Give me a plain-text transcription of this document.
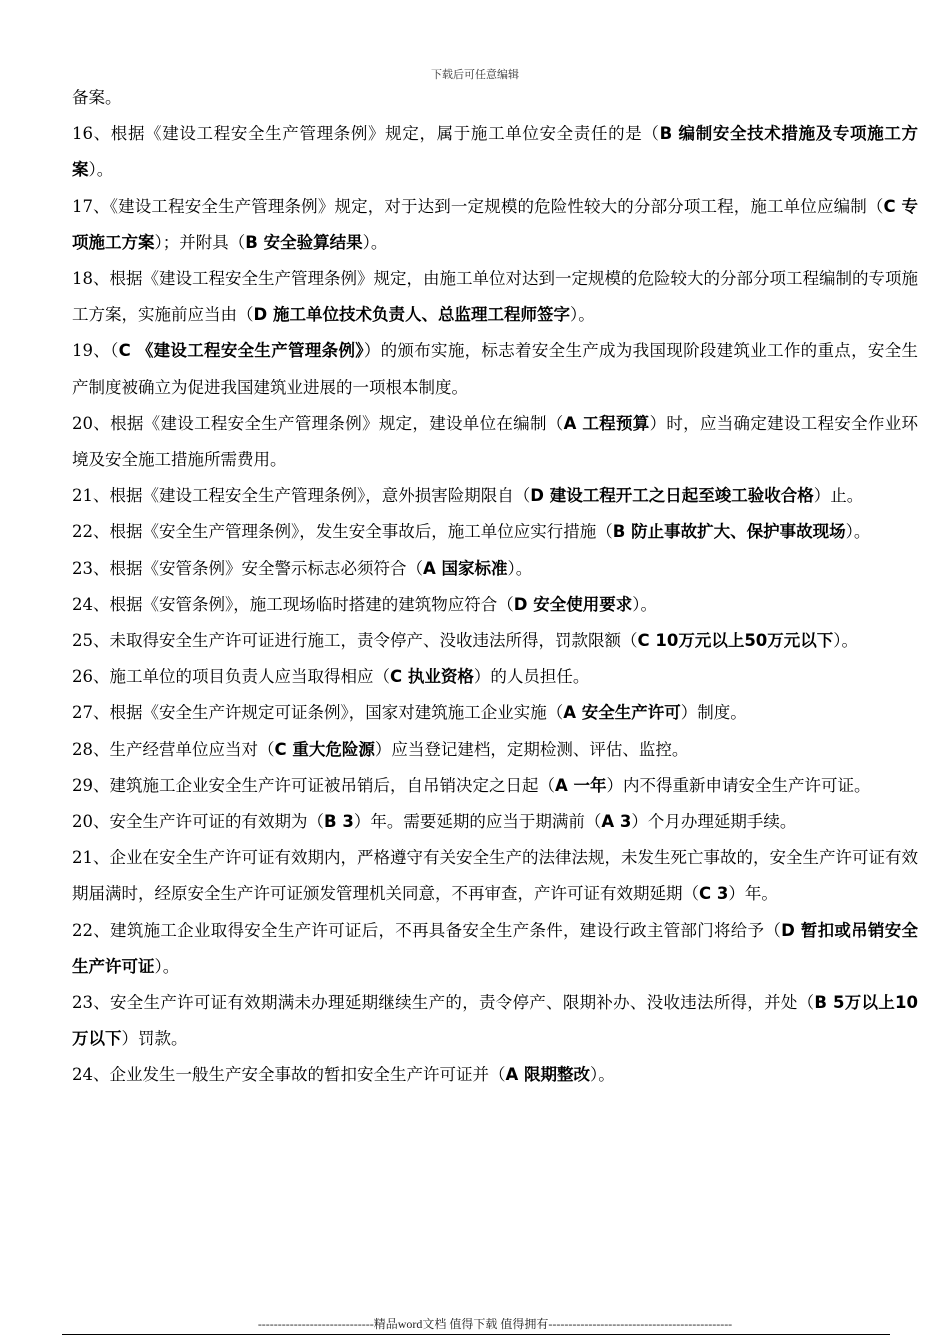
下载后可任意编辑

备案。

16、根据《建设工程安全生产管理条例》规定，属于施工单位安全责任的是（B 编制安全技术措施及专项施工方案）。

17、《建设工程安全生产管理条例》规定，对于达到一定规模的危险性较大的分部分项工程，施工单位应编制（C 专项施工方案）；并附具（B 安全验算结果）。

18、根据《建设工程安全生产管理条例》规定，由施工单位对达到一定规模的危险较大的分部分项工程编制的专项施工方案，实施前应当由（D 施工单位技术负责人、总监理工程师签字）。

19、（C 《建设工程安全生产管理条例》）的颁布实施，标志着安全生产成为我国现阶段建筑业工作的重点，安全生产制度被确立为促进我国建筑业进展的一项根本制度。

20、根据《建设工程安全生产管理条例》规定，建设单位在编制（A 工程预算）时，应当确定建设工程安全作业环境及安全施工措施所需费用。

21、根据《建设工程安全生产管理条例》，意外损害险期限自（D 建设工程开工之日起至竣工验收合格）止。

22、根据《安全生产管理条例》，发生安全事故后，施工单位应实行措施（B 防止事故扩大、保护事故现场）。

23、根据《安管条例》安全警示标志必须符合（A 国家标准）。

24、根据《安管条例》，施工现场临时搭建的建筑物应符合（D 安全使用要求）。

25、未取得安全生产许可证进行施工，责令停产、没收违法所得，罚款限额（C 10万元以上50万元以下）。

26、施工单位的项目负责人应当取得相应（C 执业资格）的人员担任。

27、根据《安全生产许规定可证条例》，国家对建筑施工企业实施（A 安全生产许可）制度。

28、生产经营单位应当对（C 重大危险源）应当登记建档，定期检测、评估、监控。

29、建筑施工企业安全生产许可证被吊销后，自吊销决定之日起（A 一年）内不得重新申请安全生产许可证。

20、安全生产许可证的有效期为（B 3）年。需要延期的应当于期满前（A 3）个月办理延期手续。

21、企业在安全生产许可证有效期内，严格遵守有关安全生产的法律法规，未发生死亡事故的，安全生产许可证有效期届满时，经原安全生产许可证颁发管理机关同意，不再审查，产许可证有效期延期（C 3）年。

22、建筑施工企业取得安全生产许可证后，不再具备安全生产条件，建设行政主管部门将给予（D 暂扣或吊销安全生产许可证）。

23、安全生产许可证有效期满未办理延期继续生产的，责令停产、限期补办、没收违法所得，并处（B 5万以上10万以下）罚款。

24、企业发生一般生产安全事故的暂扣安全生产许可证并（A 限期整改）。

-----------------------------精品word文档 值得下载 值得拥有----------------------------------------------
